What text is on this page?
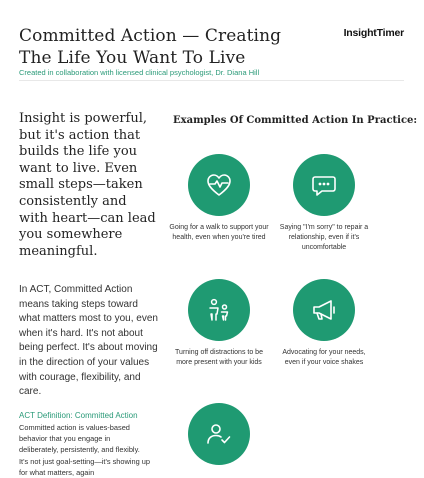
Committed Action — Creating The Life You Want To Live
InsightTimer
Created in collaboration with licensed clinical psychologist, Dr. Diana Hill
Insight is powerful, but it's action that builds the life you want to live. Even small steps—taken consistently and with heart—can lead you somewhere meaningful.
In ACT, Committed Action means taking steps toward what matters most to you, even when it's hard. It's not about being perfect. It's about moving in the direction of your values with courage, flexibility, and care.
ACT Definition: Committed Action
Committed action is values-based behavior that you engage in deliberately, persistently, and flexibly. It's not just goal-setting—it's showing up for what matters, again
Examples Of Committed Action In Practice:
Going for a walk to support your health, even when you're tired
Saying "I'm sorry" to repair a relationship, even if it's uncomfortable
Turning off distractions to be more present with your kids
Advocating for your needs, even if your voice shakes
